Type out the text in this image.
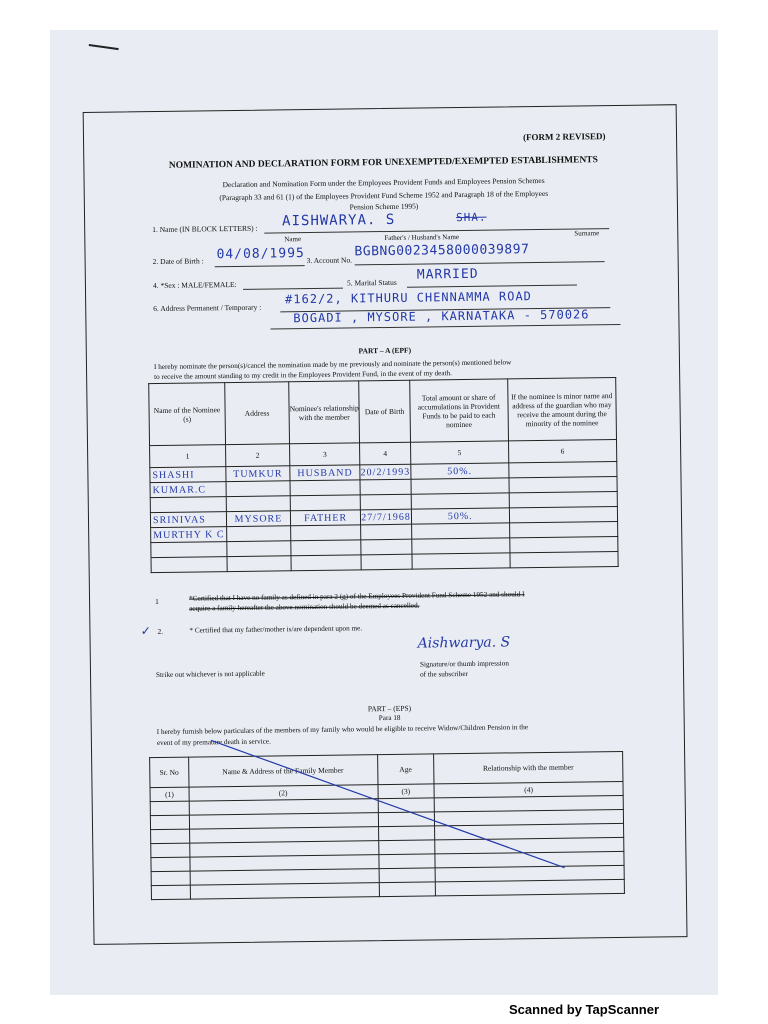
(FORM 2 REVISED)
NOMINATION AND DECLARATION FORM FOR UNEXEMPTED/EXEMPTED ESTABLISHMENTS
Declaration and Nomination Form under the Employees Provident Funds and Employees Pension Schemes
(Paragraph 33 and 61 (1) of the Employees Provident Fund Scheme 1952 and Paragraph 18 of the Employees
Pension Scheme 1995)
1. Name (IN BLOCK LETTERS) : AISHWARYA. S	SHA.
Name	Father's / Husband's Name	Surname
2. Date of Birth : 04/08/1995 3. Account No.
BGBNG0023458000039897
4. *Sex : MALE/FEMALE:	5. Marital Status
MARRIED
6. Address Permanent / Temporary :
#162/2, KITHURU CHENNAMMA ROAD
BOGADI , MYSORE , KARNATAKA - 570026
PART – A (EPF)
I hereby nominate the person(s)/cancel the nomination made by me previously and nominate the person(s) mentioned below
to receive the amount standing to my credit in the Employees Provident Fund, in the event of my death.
Name of the Nominee (s)	Address	Nominee's relationship with the member	Date of Birth	Total amount or share of accumulations in Provident Funds to be paid to each nominee	If the nominee is minor name and address of the guardian who may receive the amount during the minority of the nominee
1	2	3	4	5	6
SHASHI	TUMKUR	HUSBAND	20/2/1993	50%.	
KUMAR.C					

SRINIVAS	MYSORE	FATHER	27/7/1968	50%.	
MURTHY K C					

1	*Certified that I have no family as defined in para 2 (g) of the Employees Provident Fund Scheme 1952 and should I
acquire a family hereafter the above nomination should be deemed as cancelled.
✓ 2.	* Certified that my father/mother is/are dependent upon me.
Aishwarya. S
Strike out whichever is not applicable
Signature/or thumb impression
of the subscriber
PART – (EPS)
Para 18
I hereby furnish below particulars of the members of my family who would be eligible to receive Widow/Children Pension in the
event of my premature death in service.
Sr. No	Name & Address of the Family Member	Age	Relationship with the member
(1)	(2)	(3)	(4)

Scanned by TapScanner
